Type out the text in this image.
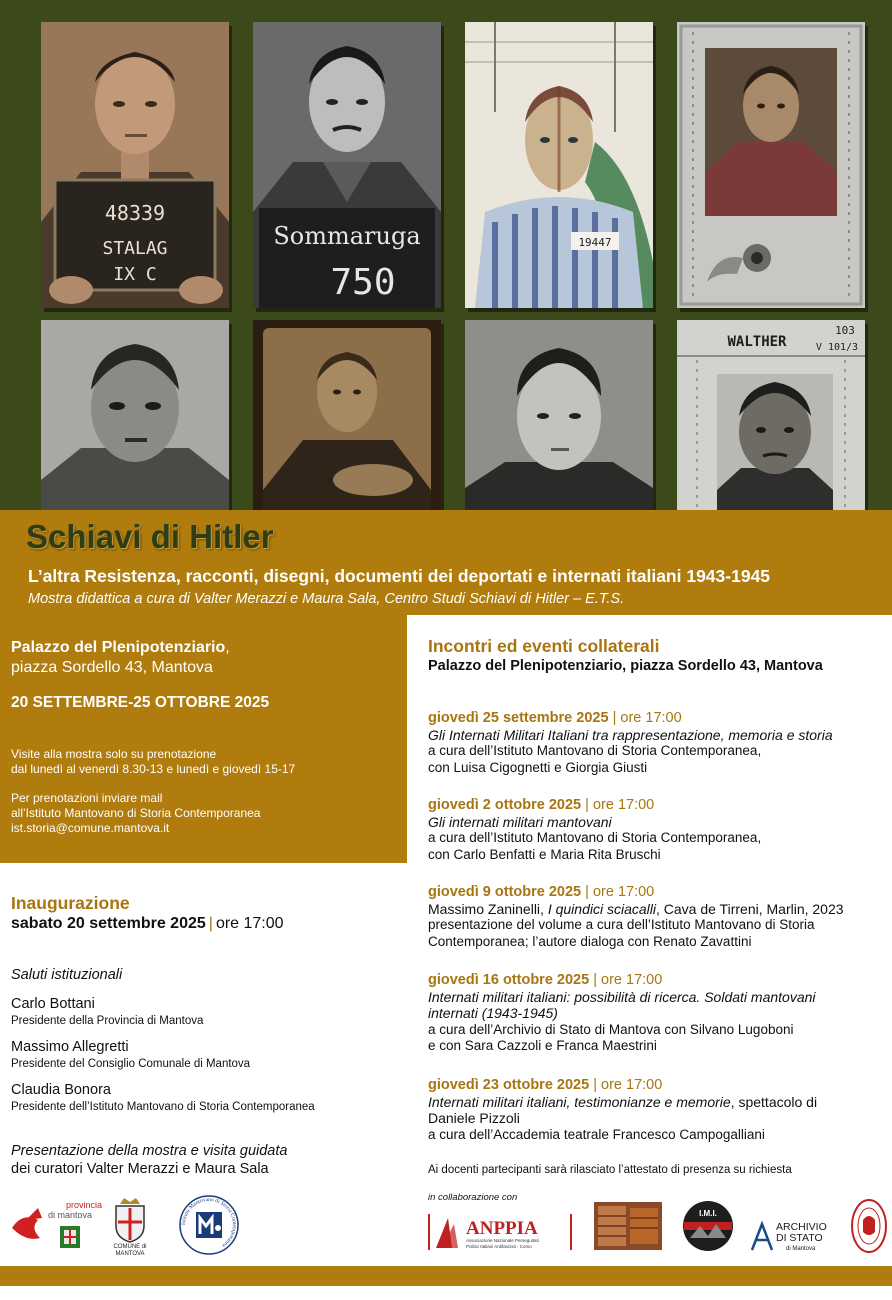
48339
STALAG
IX C
Sommaruga
750
19447
WALTHER
103
V 101/3
Schiavi di Hitler
L’altra Resistenza, racconti, disegni, documenti dei deportati e internati italiani 1943-1945
Mostra didattica a cura di Valter Merazzi e Maura Sala, Centro Studi Schiavi di Hitler – E.T.S.
Palazzo del Plenipotenziario,
piazza Sordello 43, Mantova
20 SETTEMBRE-25 OTTOBRE 2025
Visite alla mostra solo su prenotazione
dal lunedì al venerdì 8.30-13 e lunedì e giovedì 15-17
Per prenotazioni inviare mail
all’Istituto Mantovano di Storia Contemporanea
ist.storia@comune.mantova.it
Inaugurazione
sabato 20 settembre 2025 | ore 17:00
Saluti istituzionali
Carlo Bottani
Presidente della Provincia di Mantova
Massimo Allegretti
Presidente del Consiglio Comunale di Mantova
Claudia Bonora
Presidente dell’Istituto Mantovano di Storia Contemporanea
Presentazione della mostra e visita guidata
dei curatori Valter Merazzi e Maura Sala
Incontri ed eventi collaterali
Palazzo del Plenipotenziario, piazza Sordello 43, Mantova
giovedì 25 settembre 2025 | ore 17:00
Gli Internati Militari Italiani tra rappresentazione, memoria e storia
a cura dell’Istituto Mantovano di Storia Contemporanea,
con Luisa Cigognetti e Giorgia Giusti
giovedì 2 ottobre 2025 | ore 17:00
Gli internati militari mantovani
a cura dell’Istituto Mantovano di Storia Contemporanea,
con Carlo Benfatti e Maria Rita Bruschi
giovedì 9 ottobre 2025 | ore 17:00
Massimo Zaninelli, I quindici sciacalli, Cava de Tirreni, Marlin, 2023
presentazione del volume a cura dell’Istituto Mantovano di Storia
Contemporanea; l’autore dialoga con Renato Zavattini
giovedì 16 ottobre 2025 | ore 17:00
Internati militari italiani: possibilità di ricerca. Soldati mantovani
internati (1943-1945)
a cura dell’Archivio di Stato di Mantova con Silvano Lugoboni
e con Sara Cazzoli e Franca Maestrini
giovedì 23 ottobre 2025 | ore 17:00
Internati militari italiani, testimonianze e memorie, spettacolo di
Daniele Pizzoli
a cura dell’Accademia teatrale Francesco Campogalliani
Ai docenti partecipanti sarà rilasciato l’attestato di presenza su richiesta
in collaborazione con
provincia
di mantova
COMUNE di
MANTOVA
Istituto Mantovano di Storia Contemporanea
ANPPIA
Associazione Nazionale Perseguitati
Politici Italiani Antifascisti - Como
I.M.I.
ARCHIVIO
DI STATO
di Mantova
